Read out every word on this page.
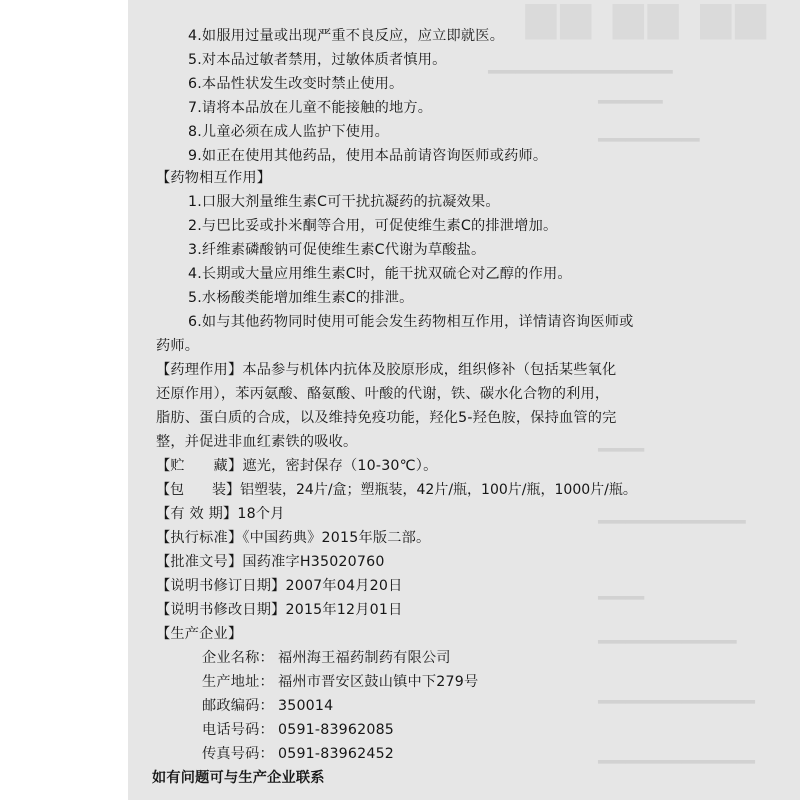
▆▆ ▆▆ ▆▆
▂▂▂▂▂▂▂▂▂▂▂▂▂▂▂▂▂▂▂▂
▂▂▂▂▂▂▂
▂▂▂▂▂▂▂▂▂▂▂
▂▂▂▂▂
▂▂▂▂▂▂▂▂▂▂▂▂▂▂▂▂
▂▂▂▂▂
▂▂▂▂▂▂▂▂▂▂▂▂▂▂▂
▂▂▂▂▂▂▂▂▂▂▂▂▂▂▂▂▂
▂▂▂▂▂▂▂▂▂▂▂▂▂▂▂▂▂
4.如服用过量或出现严重不良反应，应立即就医。
5.对本品过敏者禁用，过敏体质者慎用。
6.本品性状发生改变时禁止使用。
7.请将本品放在儿童不能接触的地方。
8.儿童必须在成人监护下使用。
9.如正在使用其他药品，使用本品前请咨询医师或药师。
【药物相互作用】
1.口服大剂量维生素C可干扰抗凝药的抗凝效果。
2.与巴比妥或扑米酮等合用，可促使维生素C的排泄增加。
3.纤维素磷酸钠可促使维生素C代谢为草酸盐。
4.长期或大量应用维生素C时，能干扰双硫仑对乙醇的作用。
5.水杨酸类能增加维生素C的排泄。
6.如与其他药物同时使用可能会发生药物相互作用，详情请咨询医师或
药师。
【药理作用】本品参与机体内抗体及胶原形成，组织修补（包括某些氧化
还原作用），苯丙氨酸、酪氨酸、叶酸的代谢，铁、碳水化合物的利用，
脂肪、蛋白质的合成，以及维持免疫功能，羟化5-羟色胺，保持血管的完
整，并促进非血红素铁的吸收。
【贮　　藏】遮光，密封保存（10-30℃）。
【包　　装】铝塑装，24片/盒；塑瓶装，42片/瓶，100片/瓶，1000片/瓶。
【有 效 期】18个月
【执行标准】《中国药典》2015年版二部。
【批准文号】国药准字H35020760
【说明书修订日期】2007年04月20日
【说明书修改日期】2015年12月01日
【生产企业】
企业名称： 福州海王福药制药有限公司
生产地址： 福州市晋安区鼓山镇中下279号
邮政编码： 350014
电话号码： 0591-83962085
传真号码： 0591-83962452
如有问题可与生产企业联系
